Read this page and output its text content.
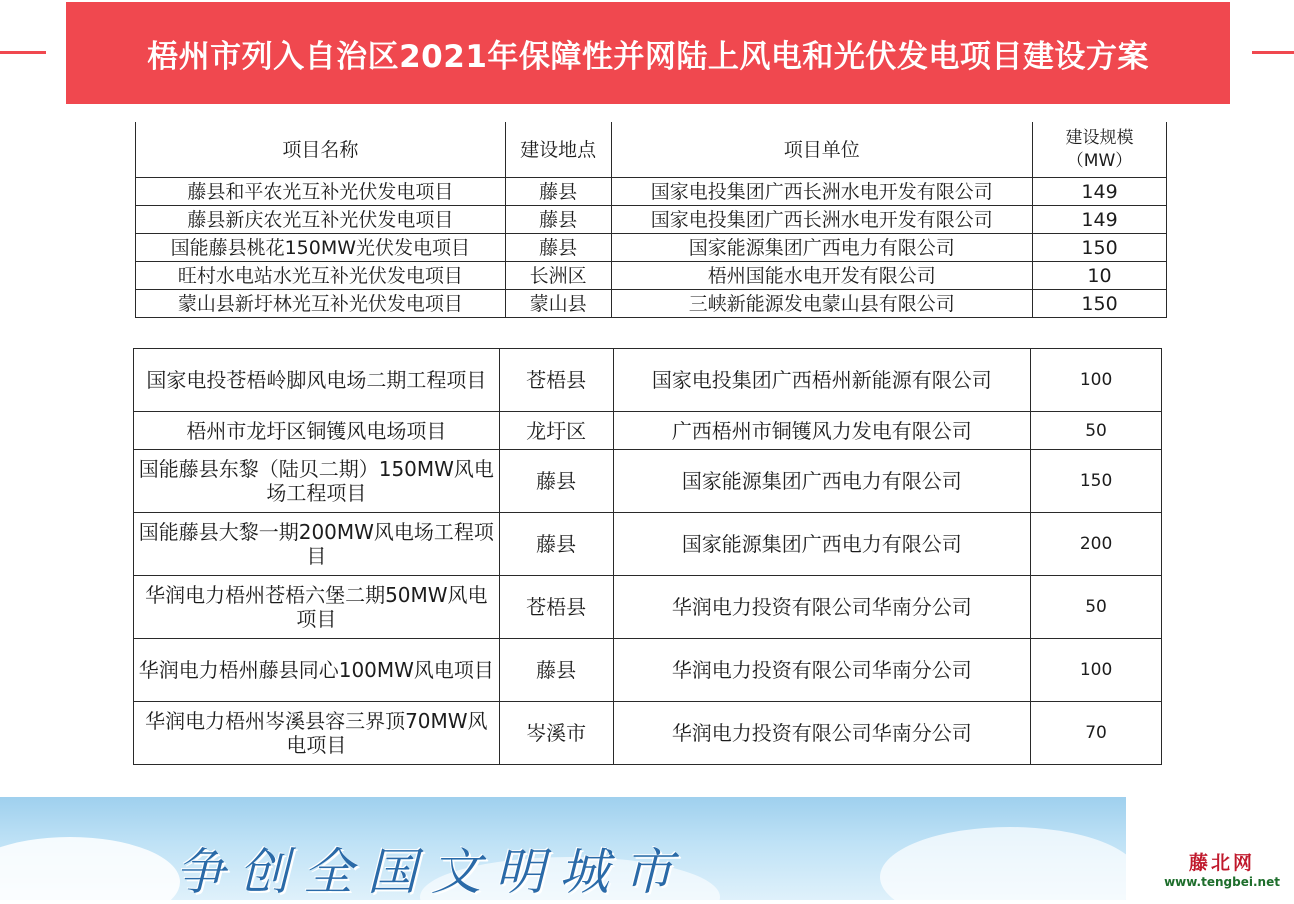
梧州市列入自治区2021年保障性并网陆上风电和光伏发电项目建设方案
项目名称	建设地点	项目单位	建设规模
（MW）
藤县和平农光互补光伏发电项目	藤县	国家电投集团广西长洲水电开发有限公司	149
藤县新庆农光互补光伏发电项目	藤县	国家电投集团广西长洲水电开发有限公司	149
国能藤县桃花150MW光伏发电项目	藤县	国家能源集团广西电力有限公司	150
旺村水电站水光互补光伏发电项目	长洲区	梧州国能水电开发有限公司	10
蒙山县新圩林光互补光伏发电项目	蒙山县	三峡新能源发电蒙山县有限公司	150
国家电投苍梧岭脚风电场二期工程项目	苍梧县	国家电投集团广西梧州新能源有限公司	100
梧州市龙圩区铜镬风电场项目	龙圩区	广西梧州市铜镬风力发电有限公司	50
国能藤县东黎（陆贝二期）150MW风电场工程项目	藤县	国家能源集团广西电力有限公司	150
国能藤县大黎一期200MW风电场工程项目	藤县	国家能源集团广西电力有限公司	200
华润电力梧州苍梧六堡二期50MW风电项目	苍梧县	华润电力投资有限公司华南分公司	50
华润电力梧州藤县同心100MW风电项目	藤县	华润电力投资有限公司华南分公司	100
华润电力梧州岑溪县容三界顶70MW风电项目	岑溪市	华润电力投资有限公司华南分公司	70
争创全国文明城市	藤北网
www.tengbei.net
